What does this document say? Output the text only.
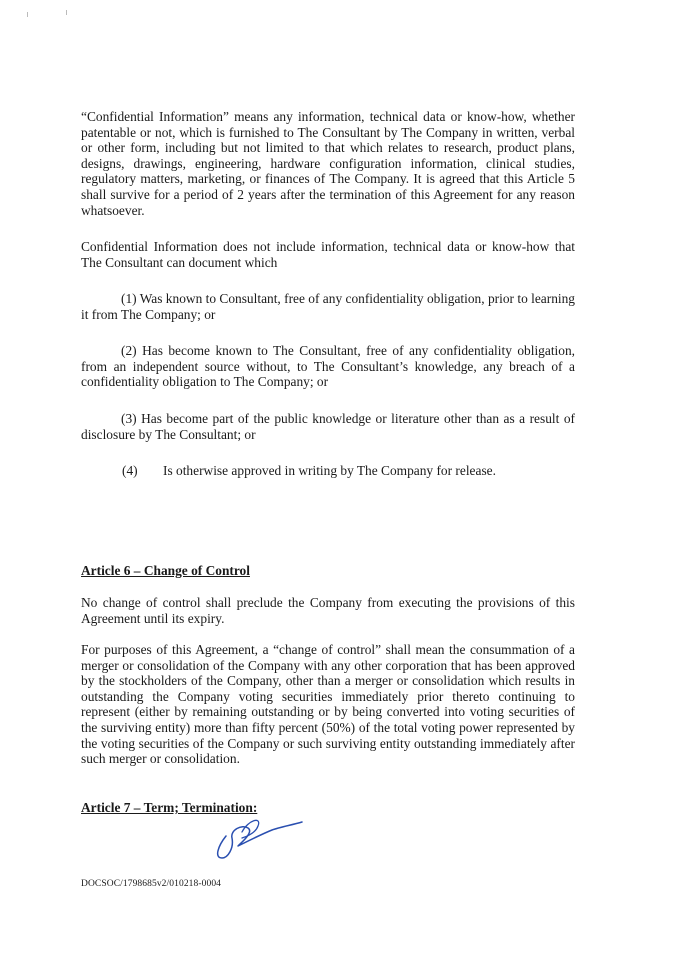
“Confidential Information” means any information, technical data or know-how, whether patentable or not, which is furnished to The Consultant by The Company in written, verbal or other form, including but not limited to that which relates to research, product plans, designs, drawings, engineering, hardware configuration information, clinical studies, regulatory matters, marketing, or finances of The Company. It is agreed that this Article 5 shall survive for a period of 2 years after the termination of this Agreement for any reason whatsoever.
Confidential Information does not include information, technical data or know-how that The Consultant can document which
(1) Was known to Consultant, free of any confidentiality obligation, prior to learning it from The Company; or
(2) Has become known to The Consultant, free of any confidentiality obligation, from an independent source without, to The Consultant’s knowledge, any breach of a confidentiality obligation to The Company; or
(3) Has become part of the public knowledge or literature other than as a result of disclosure by The Consultant; or
(4) Is otherwise approved in writing by The Company for release.
Article 6 – Change of Control
No change of control shall preclude the Company from executing the provisions of this Agreement until its expiry.
For purposes of this Agreement, a “change of control” shall mean the consummation of a merger or consolidation of the Company with any other corporation that has been approved by the stockholders of the Company, other than a merger or consolidation which results in outstanding the Company voting securities immediately prior thereto continuing to represent (either by remaining outstanding or by being converted into voting securities of the surviving entity) more than fifty percent (50%) of the total voting power represented by the voting securities of the Company or such surviving entity outstanding immediately after such merger or consolidation.
Article 7 – Term; Termination:
DOCSOC/1798685v2/010218-0004
